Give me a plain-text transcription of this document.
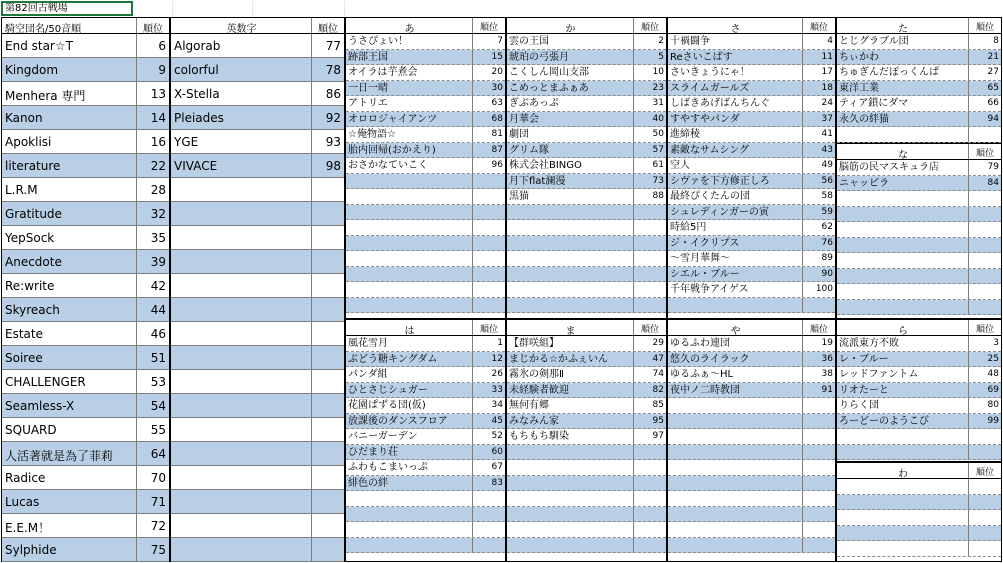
第82回古戦場
騎空団名/50音順	順位
End star☆T	6
Kingdom	9
Menhera 専門	13
Kanon	14
Apoklisi	16
literature	22
L.R.M	28
Gratitude	32
YepSock	35
Anecdote	39
Re:write	42
Skyreach	44
Estate	46
Soiree	51
CHALLENGER	53
Seamless-X	54
SQUARD	55
人活著就是為了菲莉	64
Radice	70
Lucas	71
E.E.M！	72
Sylphide	75
英数字	順位
Algorab	77
colorful	78
X-Stella	86
Pleiades	92
YGE	93
VIVACE	98
あ	順位
うさぴょい！	7
跡部王国	15
オイラは芋煮会	20
一日一晴	30
アトリエ	63
オロロジャイアンツ	68
☆俺物語☆	81
胎内回帰(おかえり)	87
おさかなていこく	96
か	順位
雲の王国	2
琥珀の弓張月	5
こくしん岡山支部	10
こめっとまふぁあ	23
ぎぶあっぷ	31
月華会	40
劇団	50
グリム隊	57
株式会社BINGO	61
月下flat澜漫	73
黒猫	88
さ	順位
十禍闘争	4
Reさいこばす	11
さいきょうにゃ！	17
スライムガールズ	18
しばきあげばんちんぐ	24
すやすやパンダ	37
進締稜	41
素敵なサムシング	43
空人	49
シヴァを下方修正しろ	56
最終ぴくたんの団	58
シュレディンガーの寅	59
時給5円	62
ジ・イクリプス	76
～雪月華舞～	89
シエル・ブルー	90
千年戦争アイゲス	100
た	順位
とじグラブル団	8
ちぃかわ	21
ちゅぎんだぽっくんぱ	27
東洋工業	65
ティア鎖にダマ	66
永久の絆猫	94
な	順位
脳筋の民マスキュラ店	79
ニャッピラ	84
は	順位
風花雪月	1
ぶどう糖キングダム	12
パンダ組	26
ひとさじシュガー	33
花園ぱずる団(仮)	34
放課後のダンスフロア	45
バニーガーデン	52
ひだまり荘	60
ふわもこまいっぷ	67
緋色の絆	83
ま	順位
【群咲組】	29
まじかる☆かふぇいん	47
霧氷の剣那Ⅱ	74
未経験者歓迎	82
無何有郷	85
みなみん家	95
もちもち馴染	97
や	順位
ゆるふわ連団	19
悠久のライラック	36
ゆるふぁ～HL	38
夜中ノ二時教団	91
ら	順位
流派東方不敗	3
レ・ブルー	25
レッドファントム	48
リオたーと	69
りらく団	80
ろーどーのようこび	99
わ	順位
